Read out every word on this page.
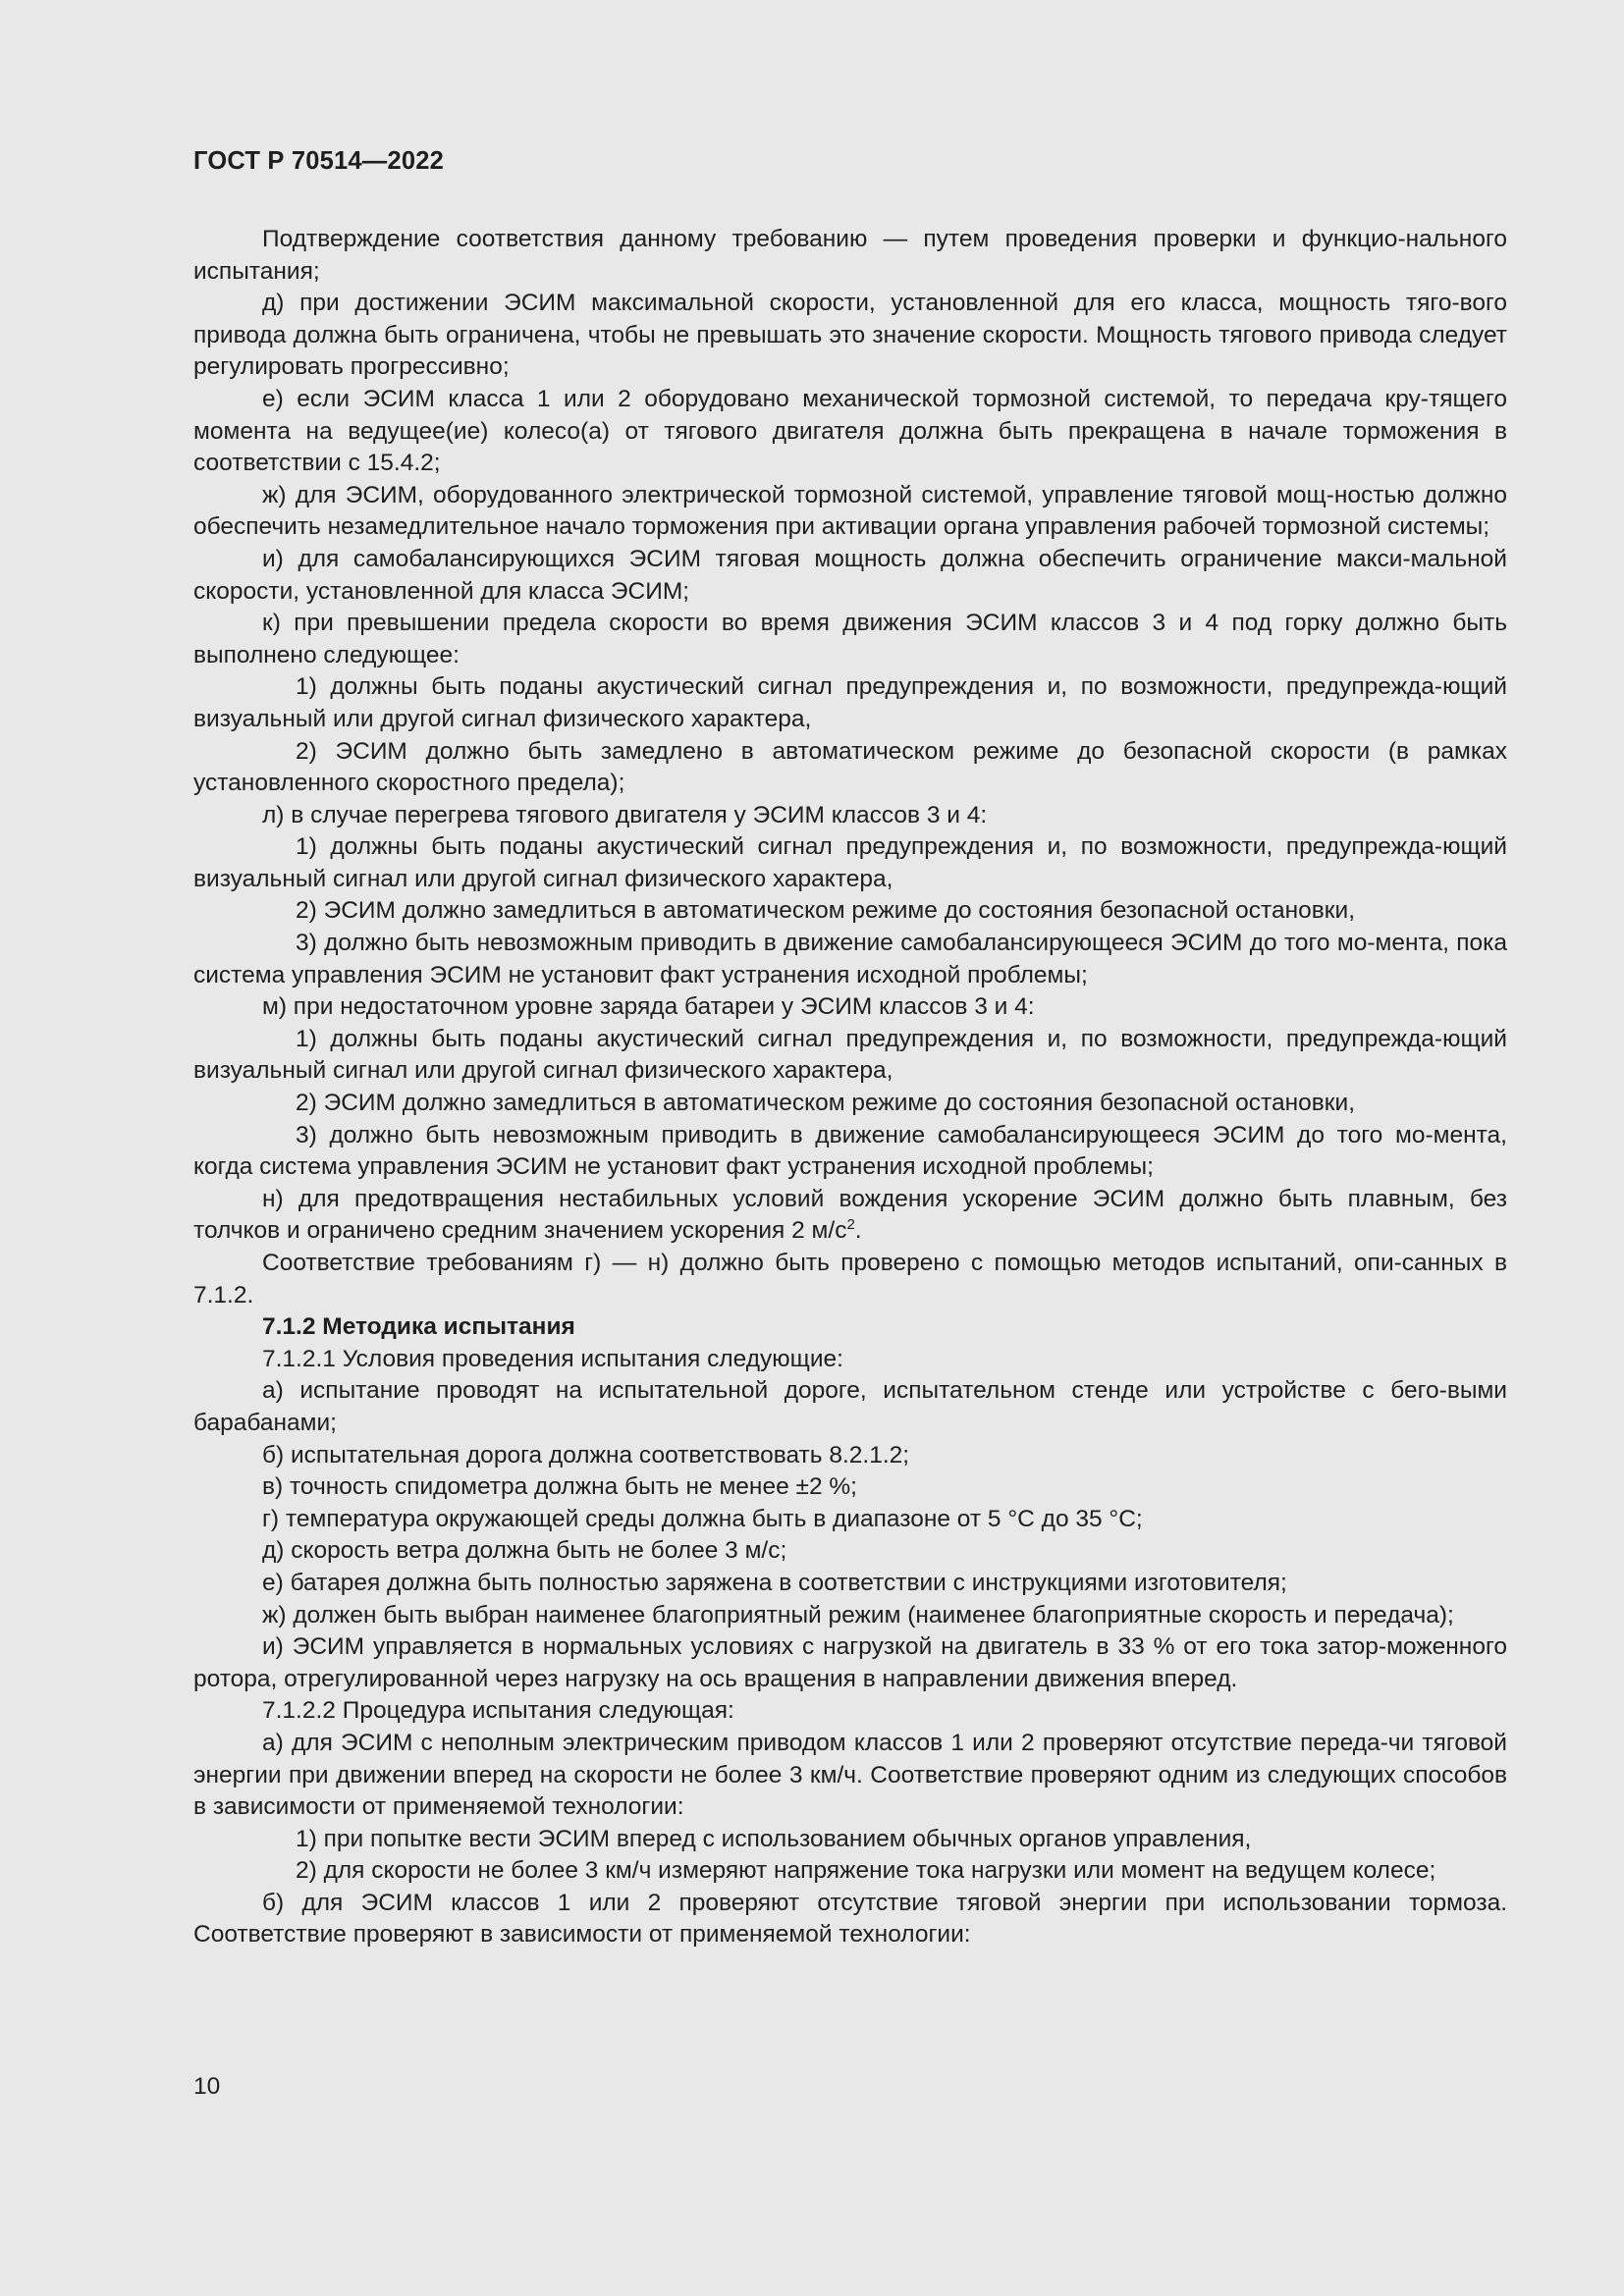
ГОСТ Р 70514—2022

Подтверждение соответствия данному требованию — путем проведения проверки и функцио-нального испытания;

д) при достижении ЭСИМ максимальной скорости, установленной для его класса, мощность тяго-вого привода должна быть ограничена, чтобы не превышать это значение скорости. Мощность тягового привода следует регулировать прогрессивно;

е) если ЭСИМ класса 1 или 2 оборудовано механической тормозной системой, то передача кру-тящего момента на ведущее(ие) колесо(а) от тягового двигателя должна быть прекращена в начале торможения в соответствии с 15.4.2;

ж) для ЭСИМ, оборудованного электрической тормозной системой, управление тяговой мощ-ностью должно обеспечить незамедлительное начало торможения при активации органа управления рабочей тормозной системы;

и) для самобалансирующихся ЭСИМ тяговая мощность должна обеспечить ограничение макси-мальной скорости, установленной для класса ЭСИМ;

к) при превышении предела скорости во время движения ЭСИМ классов 3 и 4 под горку должно быть выполнено следующее:

1) должны быть поданы акустический сигнал предупреждения и, по возможности, предупрежда-ющий визуальный или другой сигнал физического характера,

2) ЭСИМ должно быть замедлено в автоматическом режиме до безопасной скорости (в рамках установленного скоростного предела);

л) в случае перегрева тягового двигателя у ЭСИМ классов 3 и 4:

1) должны быть поданы акустический сигнал предупреждения и, по возможности, предупрежда-ющий визуальный сигнал или другой сигнал физического характера,

2) ЭСИМ должно замедлиться в автоматическом режиме до состояния безопасной остановки,

3) должно быть невозможным приводить в движение самобалансирующееся ЭСИМ до того мо-мента, пока система управления ЭСИМ не установит факт устранения исходной проблемы;

м) при недостаточном уровне заряда батареи у ЭСИМ классов 3 и 4:

1) должны быть поданы акустический сигнал предупреждения и, по возможности, предупрежда-ющий визуальный сигнал или другой сигнал физического характера,

2) ЭСИМ должно замедлиться в автоматическом режиме до состояния безопасной остановки,

3) должно быть невозможным приводить в движение самобалансирующееся ЭСИМ до того мо-мента, когда система управления ЭСИМ не установит факт устранения исходной проблемы;

н) для предотвращения нестабильных условий вождения ускорение ЭСИМ должно быть плавным, без толчков и ограничено средним значением ускорения 2 $м/с^2$.

Соответствие требованиям г) — н) должно быть проверено с помощью методов испытаний, опи-санных в 7.1.2.

7.1.2 Методика испытания

7.1.2.1 Условия проведения испытания следующие:

а) испытание проводят на испытательной дороге, испытательном стенде или устройстве с бего-выми барабанами;

б) испытательная дорога должна соответствовать 8.2.1.2;

в) точность спидометра должна быть не менее ±2 %;

г) температура окружающей среды должна быть в диапазоне от 5 °С до 35 °С;

д) скорость ветра должна быть не более 3 м/с;

е) батарея должна быть полностью заряжена в соответствии с инструкциями изготовителя;

ж) должен быть выбран наименее благоприятный режим (наименее благоприятные скорость и передача);

и) ЭСИМ управляется в нормальных условиях с нагрузкой на двигатель в 33 % от его тока затор-моженного ротора, отрегулированной через нагрузку на ось вращения в направлении движения вперед.

7.1.2.2 Процедура испытания следующая:

а) для ЭСИМ с неполным электрическим приводом классов 1 или 2 проверяют отсутствие переда-чи тяговой энергии при движении вперед на скорости не более 3 км/ч. Соответствие проверяют одним из следующих способов в зависимости от применяемой технологии:

1) при попытке вести ЭСИМ вперед с использованием обычных органов управления,

2) для скорости не более 3 км/ч измеряют напряжение тока нагрузки или момент на ведущем колесе;

б) для ЭСИМ классов 1 или 2 проверяют отсутствие тяговой энергии при использовании тормоза. Соответствие проверяют в зависимости от применяемой технологии:

10
